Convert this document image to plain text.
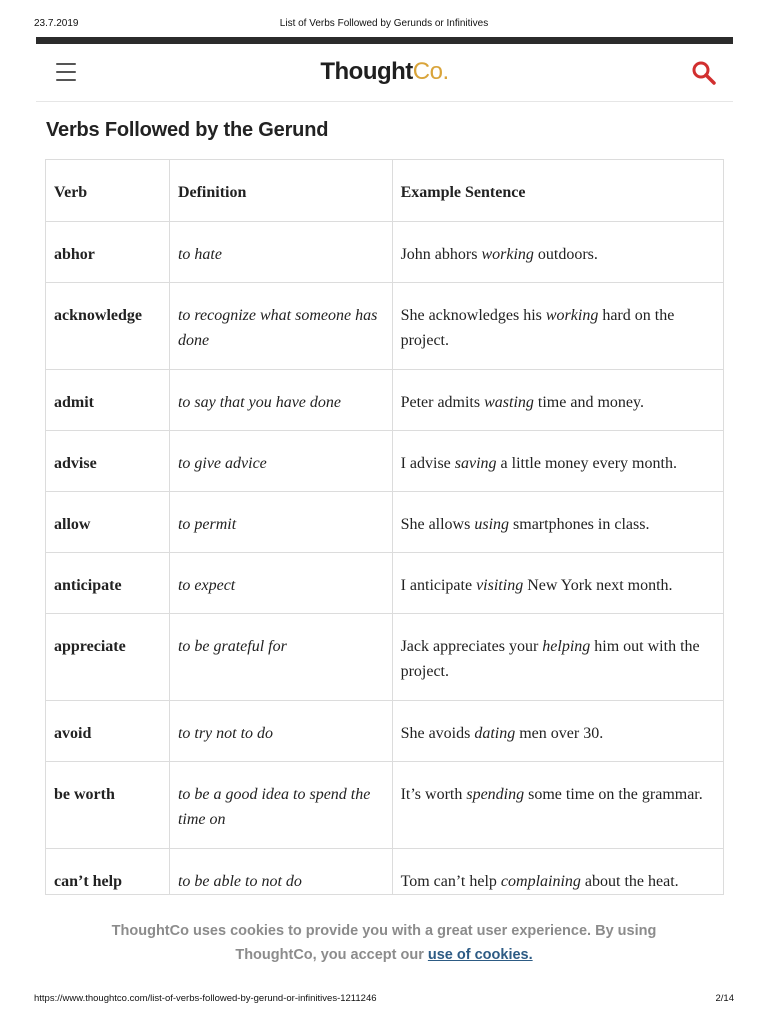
23.7.2019	List of Verbs Followed by Gerunds or Infinitives
ThoughtCo.
Verbs Followed by the Gerund
Verb	Definition	Example Sentence
abhor	to hate	John abhors working outdoors.
acknowledge	to recognize what someone has done	She acknowledges his working hard on the project.
admit	to say that you have done	Peter admits wasting time and money.
advise	to give advice	I advise saving a little money every month.
allow	to permit	She allows using smartphones in class.
anticipate	to expect	I anticipate visiting New York next month.
appreciate	to be grateful for	Jack appreciates your helping him out with the project.
avoid	to try not to do	She avoids dating men over 30.
be worth	to be a good idea to spend the time on	It’s worth spending some time on the grammar.
can’t help	to be able to not do	Tom can’t help complaining about the heat.

ThoughtCo uses cookies to provide you with a great user experience. By using ThoughtCo, you accept our use of cookies.

https://www.thoughtco.com/list-of-verbs-followed-by-gerund-or-infinitives-1211246	2/14
